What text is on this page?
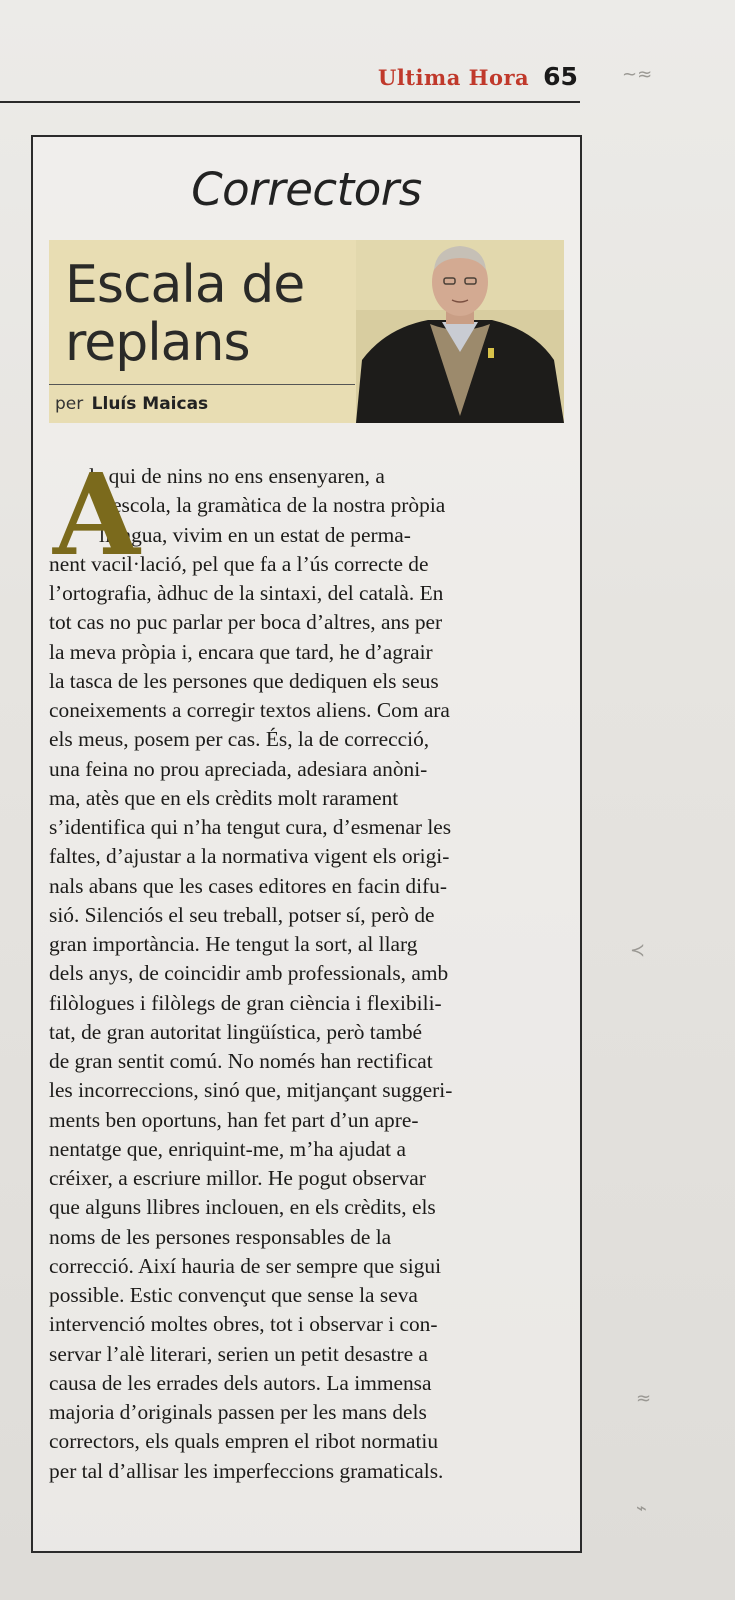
Ultima Hora 65 ~≈
≺
≈
⌁
Correctors
Escala de
replans
per Lluís Maicas
A
ls qui de nins no ens ensenyaren, a
l’escola, la gramàtica de la nostra pròpia
llengua, vivim en un estat de perma-
nent vacil·lació, pel que fa a l’ús correcte de
l’ortografia, àdhuc de la sintaxi, del català. En
tot cas no puc parlar per boca d’altres, ans per
la meva pròpia i, encara que tard, he d’agrair
la tasca de les persones que dediquen els seus
coneixements a corregir textos aliens. Com ara
els meus, posem per cas. És, la de correcció,
una feina no prou apreciada, adesiara anòni-
ma, atès que en els crèdits molt rarament
s’identifica qui n’ha tengut cura, d’esmenar les
faltes, d’ajustar a la normativa vigent els origi-
nals abans que les cases editores en facin difu-
sió. Silenciós el seu treball, potser sí, però de
gran importància. He tengut la sort, al llarg
dels anys, de coincidir amb professionals, amb
filòlogues i filòlegs de gran ciència i flexibili-
tat, de gran autoritat lingüística, però també
de gran sentit comú. No només han rectificat
les incorreccions, sinó que, mitjançant suggeri-
ments ben oportuns, han fet part d’un apre-
nentatge que, enriquint-me, m’ha ajudat a
créixer, a escriure millor. He pogut observar
que alguns llibres inclouen, en els crèdits, els
noms de les persones responsables de la
correcció. Així hauria de ser sempre que sigui
possible. Estic convençut que sense la seva
intervenció moltes obres, tot i observar i con-
servar l’alè literari, serien un petit desastre a
causa de les errades dels autors. La immensa
majoria d’originals passen per les mans dels
correctors, els quals empren el ribot normatiu
per tal d’allisar les imperfeccions gramaticals.
